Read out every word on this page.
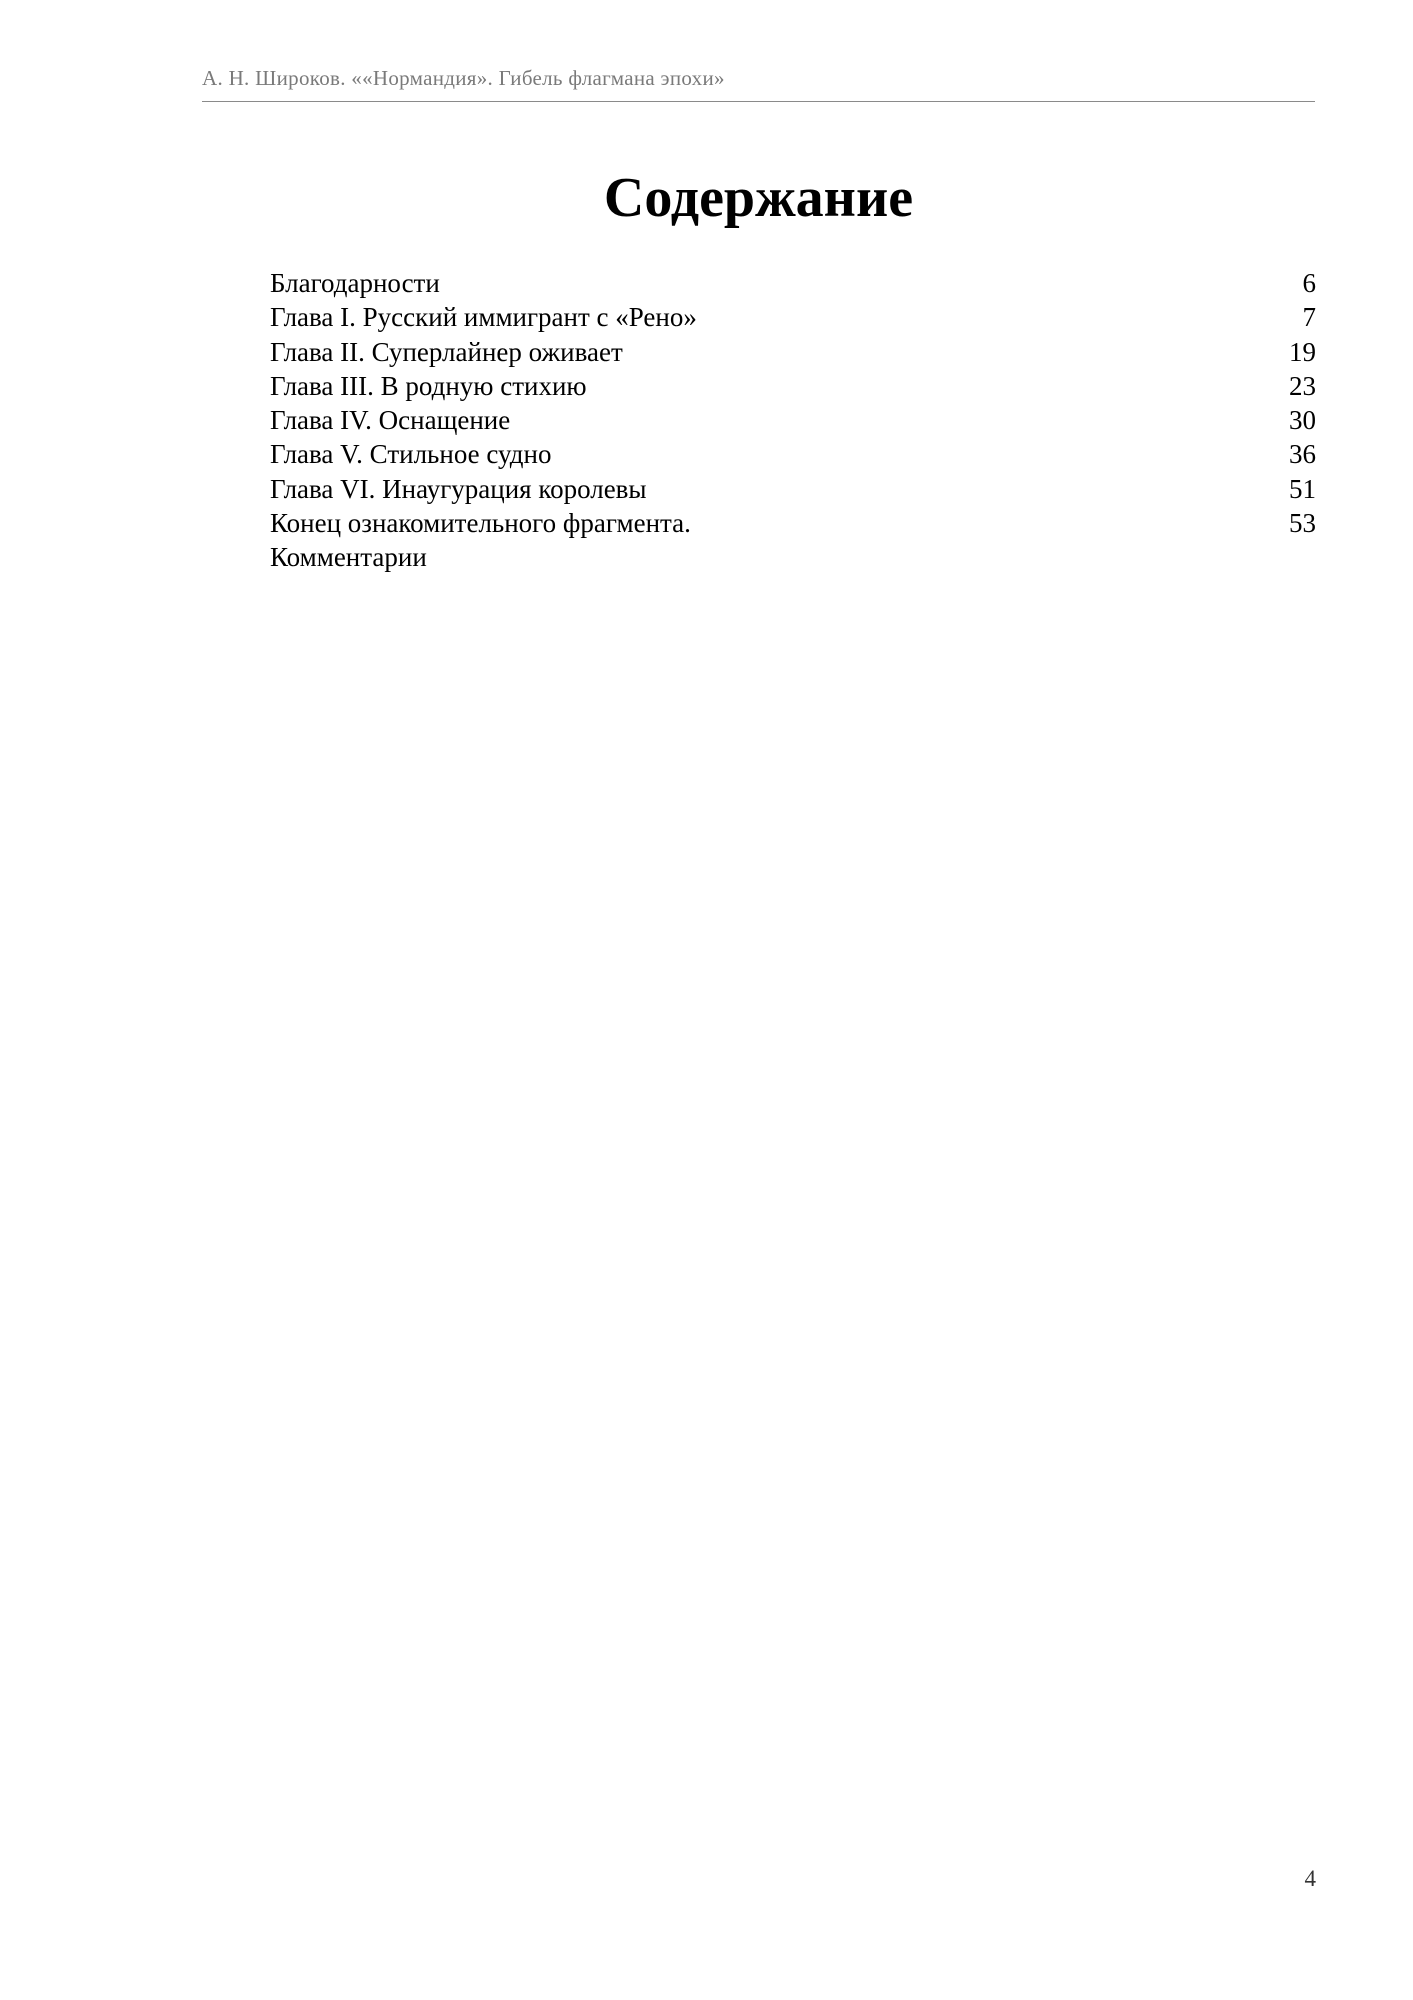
А. Н. Широков. ««Нормандия». Гибель флагмана эпохи»
Содержание
Благодарности	6
Глава I. Русский иммигрант с «Рено»	7
Глава II. Суперлайнер оживает	19
Глава III. В родную стихию	23
Глава IV. Оснащение	30
Глава V. Стильное судно	36
Глава VI. Инаугурация королевы	51
Конец ознакомительного фрагмента.	53
Комментарии
4
